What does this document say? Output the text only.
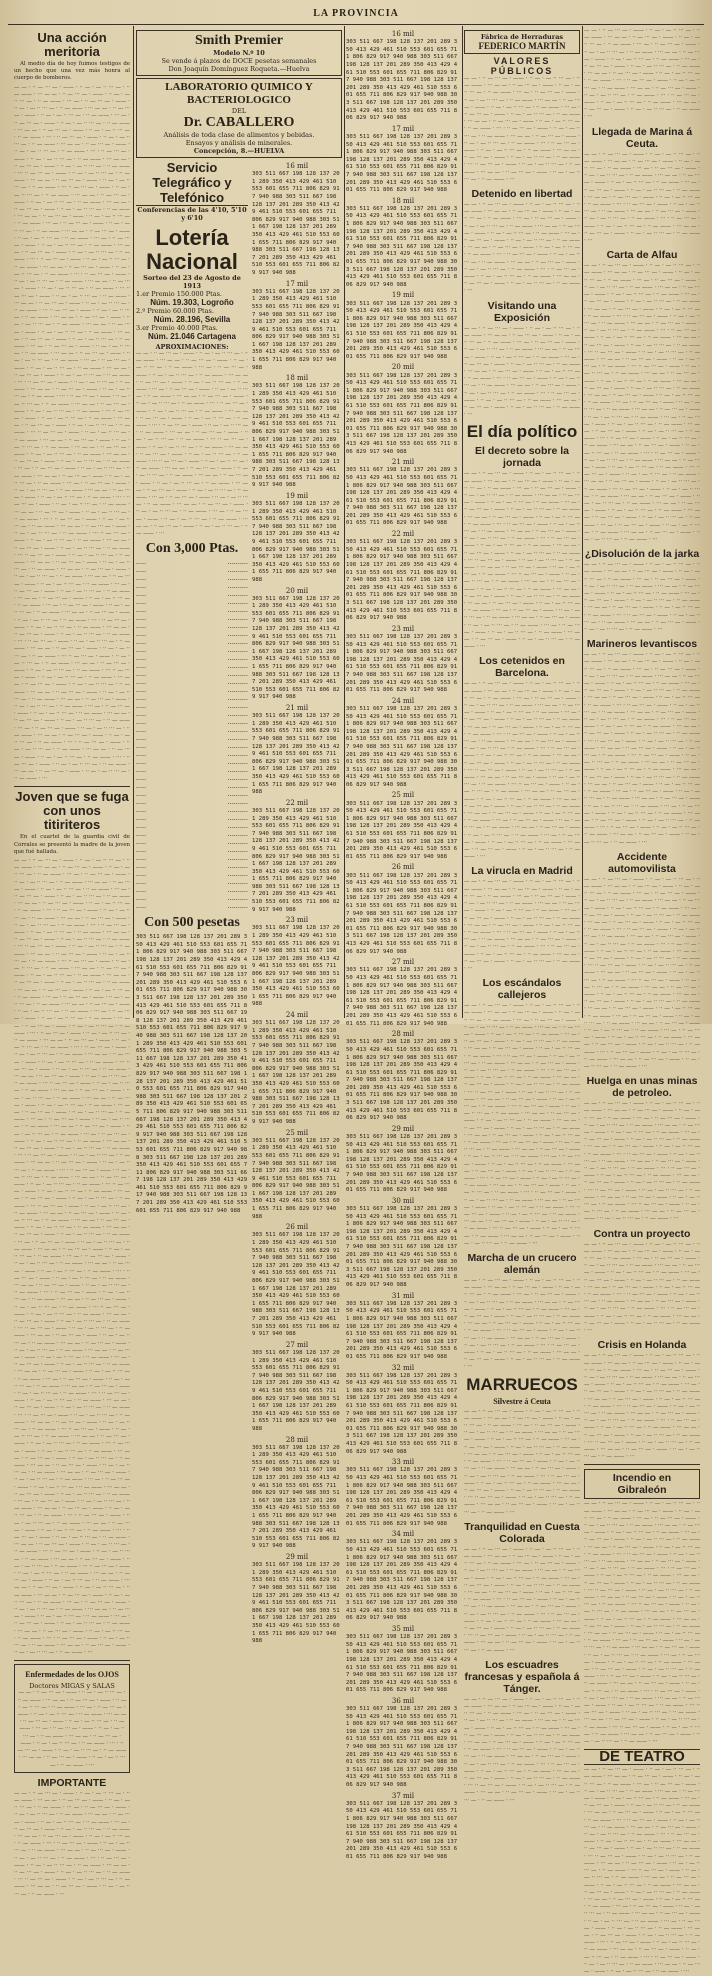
LA PROVINCIA
Una acción meritoria

Al medio día de hoy fuimos testigos de un hecho que una vez más honra al cuerpo de bomberos.

— — · ·· — ··· — · —— · ·· — · — ·· ··· — · ·· — —— · ··· — — · ·· — ··· — · —— · ·· — · — ·· ··· — · ·· — —— · ··· — · ·· — ··· — · —— · ·· — · — ·· ··· — · ·· — —— · ··· — — · ·· — ··· — · —— · ·· — · — ·· ··· — · ·· — —— · ··· — · ·· — ··· — · —— · ·· — · — ·· ··· — · ·· — —— · ··· — — · ·· — ··· — · —— · ·· — · — ·· ··· — · ·· — —— · ··· · ·· — ··· — · —— · ·· — · — ·· ··· — · ·· — —— · ··· — — · ·· — ··· — · —— · ·· — · — ·· ··· — · ·· — —— · ··· · ·· — ··· — · —— · ·· — · — ·· ··· — · ·· — —— · ··· — — · ·· — ··· — · —— · ·· — · — ·· ··· — · ·· — —— · ··· ·· — ··· — · —— · ·· — · — ·· ··· — · ·· — —— · ··· — — · ·· — ··· — · —— · ·· — · — ·· ··· — · ·· — —— · ··· ·· — ··· — · —— · ·· — · — ·· ··· — · ·· — —— · ··· — — · ·· — ··· — · —— · ·· — · — ·· ··· — · ·· — —— · ··· — — · ·· — ··· — · —— · ·· — · — ·· ··· — · ·· — —— · ··· — — · ·· — ··· — · —— · ·· — · — ·· ··· — · ·· — —— · ··· — · ·· — ··· — · —— · ·· — · — ·· ··· — · ·· — —— · ··· — — · ·· — ··· — · —— · ·· — · — ·· ··· — · ·· — —— · ··· — · ·· — ··· — · —— · ·· — · — ·· ··· — · ·· — —— · ··· — — · ·· — ··· — · —— · ·· — · — ·· ··· — · ·· — —— · ··· · ·· — ··· — · —— · ·· — · — ·· ··· — · ·· — —— · ··· — — · ·· — ··· — · —— · ·· — · — ·· ··· — · ·· — —— · ··· · ·· — ··· — · —— · ·· — · — ·· ··· — · ·· — —— · ··· — — · ·· — ··· — · —— · ·· — · — ·· ··· — · ·· — —— · ··· ·· — ··· — · —— · ·· — · — ·· ··· — · ·· — —— · ··· — — · ·· — ··· — · —— · ·· — · — ·· ··· — · ·· — —— · ··· ·· — ··· — · —— · ·· — · — ·· ··· — · ·· — —— · ··· — — · ·· — ··· — · —— · ·· — · — ·· ··· — · ·· — —— · ··· — — · ·· — ··· — · —— · ·· — · — ·· ··· — · ·· — —— · ··· — — · ·· — ··· — · —— · ·· — · — ·· ··· — · ·· — —— · ··· — · ·· — ··· — · —— · ·· — · — ·· ··· — · ·· — —— · ··· — — · ·· — ··· — · —— · ·· — · — ·· ··· — · ·· — —— · ··· — · ·· — ··· — · —— · ·· — · — ·· ··· — · ·· — —— · ··· — — · ·· — ··· — · —— · ·· — · — ·· ··· — · ·· — —— · ··· · ·· — ··· — · —— · ·· — · — ·· ··· — · ·· — —— · ··· — — · ·· — ··· — · —— · ·· — · — ·· ··· — · ·· — —— · ··· · ·· — ··· — · —— · ·· — · — ·· ··· — · ·· — —— · ··· — — · ·· — ··· — · —— · ·· — · — ·· ··· — · ·· — —— · ··· ·· — ··· — · —— · ·· — · — ·· ··· — · ·· — —— · ··· — — · ·· — ··· — · —— · ·· — · — ·· ··· — · ·· — —— · ··· ·· — ··· — · —— · ·· — · — ·· ··· — · ·· — —— · ··· — — · ·· — ··· — · —— · ·· — · — ·· ··· — · ·· — —— · ··· — — · ·· — ··· — · —— · ·· — · — ·· ··· — · ·· — —— · ··· — — · ·· — ··· — · —— · ·· — · — ·· ··· — · ·· — —— · ··· — · ·· — ··· — · —— · ·· — · — ·· ··· — · ·· — —— · ··· — — · ·· — ··· — · —— · ·· — · — ·· ··· — · ·· — —— · ··· — · ·· — ··· — · —— · ·· — · — ·· ··· — · ·· — —— · ··· — — · ·· — ··· — · —— · ·· — · — ·· ··· — · ·· — —— · ··· · ·· — ··· — · —— · ·· — · — ·· ··· — · ·· — —— · ··· — — · ·· — ··· — · —— · ·· — · — ·· ··· — · ·· — —— · ··· · ·· — ··· — · —— · ·· — · — ·· ··· — · ·· — —— · ··· — — · ·· — ··· — · —— · ·· — · — ·· ··· — · ·· — —— · ··· ·· — ··· — · —— · ·· — · — ·· ··· — · ·· — —— · ··· — — · ·· — ··· — · —— · ·· — · — ·· ··· — · ·· — —— · ··· ·· — ··· — · —— · ·· — · — ·· ··· — · ·· — —— · ··· — — · ·· — ··· — · —— · ·· — · — ·· ··· — · ·· — —— · ··· — — · ·· — ··· — · —— · ·· — · — ·· ··· — · ·· — —— · ··· — — · ·· — ··· — · —— · ·· — · — ·· ··· — · ·· — —— · ··· — · ·· — ··· — · —— · ·· — · — ·· ··· — · ·· — —— · ··· — — · ·· — ··· — · —— · ·· — · — ·· ··· — · ·· — —— · ··· — · ·· — ··· — · —— · ·· — · — ·· ··· — · ·· — —— · ··· — — · ·· — ··· — · —— · ·· — · — ·· ··· — · ·· — —— · ··· · ·· — ··· — · —— · ·· — · — ·· ··· — · ·· — —— · ··· — — · ·· — ··· — · —— · ·· — · — ·· ··· — · ·· — —— · ··· · ·· — ··· — · —— · ·· — · — ·· ··· — · ·· — —— · ··· — — · ·· — ··· — · —— · ·· — · — ·· ··· — · ·· — —— · ··· ·· — ··· — · —— · ·· — · — ·· ··· — · ·· — —— · ··· — — · ·· — ··· — · —— · ·· — · — ·· ··· — · ·· — —— · ··· ·· — ··· — · —— · ·· — · — ·· ··· — · ·· — —— · ··· — — · ·· — ··· — · —— · ·· — · — ·· ··· — · ·· — —— · ··· — — · ·· — ··· — · —— · ·· — · — ·· ··· — · ·· — —— · ··· — — · ·· — ··· — · —— · ·· — · — ·· ··· — · ·· — —— · ··· — · ·· — ··· — · —— · ·· — · — ·· ··· — · ·· — —— · ··· — — · ·· — ··· — · —— · ·· — · — ·· ··· — · ·· — —— · ··· — · ·· — ··· — · —— · ·· — · — ·· ··· — · ·· — —— · ··· — — · ·· — ··· — · —— · ·· — · — ·· ··· — · ·· — —— · ··· · ·· — ··· — · —— · ·· — · — ·· ··· — · ·· — —— · ··· — — · ·· — ··· — · —— · ·· — · — ·· ··· — · ·· — —— · ··· · ·· — ··· — · —— · ·· — · — ·· ··· — · ·· — —— · ··· — — · ·· — ··· — · —— · ·· — · — ·· ··· — · ·· — —— · ···
Joven que se fuga con unos titiriteros

En el cuartel de la guardia civil de Corrales se presentó la madre de la joven que fué hallada.

— — · ·· — ··· — · —— · ·· — · — ·· ··· — · ·· — —— · ··· — — · ·· — ··· — · —— · ·· — · — ·· ··· — · ·· — —— · ··· — · ·· — ··· — · —— · ·· — · — ·· ··· — · ·· — —— · ··· — — · ·· — ··· — · —— · ·· — · — ·· ··· — · ·· — —— · ··· — · ·· — ··· — · —— · ·· — · — ·· ··· — · ·· — —— · ··· — — · ·· — ··· — · —— · ·· — · — ·· ··· — · ·· — —— · ··· · ·· — ··· — · —— · ·· — · — ·· ··· — · ·· — —— · ··· — — · ·· — ··· — · —— · ·· — · — ·· ··· — · ·· — —— · ··· · ·· — ··· — · —— · ·· — · — ·· ··· — · ·· — —— · ··· — — · ·· — ··· — · —— · ·· — · — ·· ··· — · ·· — —— · ··· ·· — ··· — · —— · ·· — · — ·· ··· — · ·· — —— · ··· — — · ·· — ··· — · —— · ·· — · — ·· ··· — · ·· — —— · ··· ·· — ··· — · —— · ·· — · — ·· ··· — · ·· — —— · ··· — — · ·· — ··· — · —— · ·· — · — ·· ··· — · ·· — —— · ··· — — · ·· — ··· — · —— · ·· — · — ·· ··· — · ·· — —— · ··· — — · ·· — ··· — · —— · ·· — · — ·· ··· — · ·· — —— · ··· — · ·· — ··· — · —— · ·· — · — ·· ··· — · ·· — —— · ··· — — · ·· — ··· — · —— · ·· — · — ·· ··· — · ·· — —— · ··· — · ·· — ··· — · —— · ·· — · — ·· ··· — · ·· — —— · ··· — — · ·· — ··· — · —— · ·· — · — ·· ··· — · ·· — —— · ··· · ·· — ··· — · —— · ·· — · — ·· ··· — · ·· — —— · ··· — — · ·· — ··· — · —— · ·· — · — ·· ··· — · ·· — —— · ··· · ·· — ··· — · —— · ·· — · — ·· ··· — · ·· — —— · ··· — — · ·· — ··· — · —— · ·· — · — ·· ··· — · ·· — —— · ··· ·· — ··· — · —— · ·· — · — ·· ··· — · ·· — —— · ··· — — · ·· — ··· — · —— · ·· — · — ·· ··· — · ·· — —— · ··· ·· — ··· — · —— · ·· — · — ·· ··· — · ·· — —— · ··· — — · ·· — ··· — · —— · ·· — · — ·· ··· — · ·· — —— · ··· — — · ·· — ··· — · —— · ·· — · — ·· ··· — · ·· — —— · ··· — — · ·· — ··· — · —— · ·· — · — ·· ··· — · ·· — —— · ··· — · ·· — ··· — · —— · ·· — · — ·· ··· — · ·· — —— · ··· — — · ·· — ··· — · —— · ·· — · — ·· ··· — · ·· — —— · ··· — · ·· — ··· — · —— · ·· — · — ·· ··· — · ·· — —— · ··· — — · ·· — ··· — · —— · ·· — · — ·· ··· — · ·· — —— · ··· · ·· — ··· — · —— · ·· — · — ·· ··· — · ·· — —— · ··· — — · ·· — ··· — · —— · ·· — · — ·· ··· — · ·· — —— · ··· · ·· — ··· — · —— · ·· — · — ·· ··· — · ·· — —— · ··· — — · ·· — ··· — · —— · ·· — · — ·· ··· — · ·· — —— · ··· ·· — ··· — · —— · ·· — · — ·· ··· — · ·· — —— · ··· — — · ·· — ··· — · —— · ·· — · — ·· ··· — · ·· — —— · ··· ·· — ··· — · —— · ·· — · — ·· ··· — · ·· — —— · ··· — — · ·· — ··· — · —— · ·· — · — ·· ··· — · ·· — —— · ··· — — · ·· — ··· — · —— · ·· — · — ·· ··· — · ·· — —— · ··· — — · ·· — ··· — · —— · ·· — · — ·· ··· — · ·· — —— · ··· — · ·· — ··· — · —— · ·· — · — ·· ··· — · ·· — —— · ··· — — · ·· — ··· — · —— · ·· — · — ·· ··· — · ·· — —— · ··· — · ·· — ··· — · —— · ·· — · — ·· ··· — · ·· — —— · ··· — — · ·· — ··· — · —— · ·· — · — ·· ··· — · ·· — —— · ··· · ·· — ··· — · —— · ·· — · — ·· ··· — · ·· — —— · ··· — — · ·· — ··· — · —— · ·· — · — ·· ··· — · ·· — —— · ··· · ·· — ··· — · —— · ·· — · — ·· ··· — · ·· — —— · ··· — — · ·· — ··· — · —— · ·· — · — ·· ··· — · ·· — —— · ··· ·· — ··· — · —— · ·· — · — ·· ··· — · ·· — —— · ··· — — · ·· — ··· — · —— · ·· — · — ·· ··· — · ·· — —— · ··· ·· — ··· — · —— · ·· — · — ·· ··· — · ·· — —— · ··· — — · ·· — ··· — · —— · ·· — · — ·· ··· — · ·· — —— · ··· — — · ·· — ··· — · —— · ·· — · — ·· ··· — · ·· — —— · ··· — — · ·· — ··· — · —— · ·· — · — ·· ··· — · ·· — —— · ··· — · ·· — ··· — · —— · ·· — · — ·· ··· — · ·· — —— · ··· — — · ·· — ··· — · —— · ·· — · — ·· ··· — · ·· — —— · ··· — · ·· — ··· — · —— · ·· — · — ·· ··· — · ·· — —— · ··· — — · ·· — ··· — · —— · ·· — · — ·· ··· — · ·· — —— · ··· · ·· — ··· — · —— · ·· — · — ·· ··· — · ·· — —— · ··· — — · ·· — ··· — · —— · ·· — · — ·· ··· — · ·· — —— · ··· · ·· — ··· — · —— · ·· — · — ·· ··· — · ·· — —— · ··· — — · ·· — ··· — · —— · ·· — · — ·· ··· — · ·· — —— · ··· ·· — ··· — · —— · ·· — · — ·· ··· — · ·· — —— · ··· — — · ·· — ··· — · —— · ·· — · — ·· ··· — · ·· — —— · ··· ·· — ··· — · —— · ·· — · — ·· ··· — · ·· — —— · ··· — — · ·· — ··· — · —— · ·· — · — ·· ··· — · ·· — —— · ··· — — · ·· — ··· — · —— · ·· — · — ·· ··· — · ·· — —— · ··· — — · ·· — ··· — · —— · ·· — · — ·· ··· — · ·· — —— · ··· — · ·· — ··· — · —— · ·· — · — ·· ··· — · ·· — —— · ··· — — · ·· — ··· — · —— · ·· — · — ·· ··· — · ·· — —— · ··· — · ·· — ··· — · —— · ·· — · — ·· ··· — · ·· — —— · ··· — — · ·· — ··· — · —— · ·· — · — ·· ··· — · ·· — —— · ··· · ·· — ··· — · —— · ·· — · — ·· ··· — · ·· — —— · ··· — — · ·· — ··· — · —— · ·· — · — ·· ··· — · ·· — —— · ··· · ·· — ··· — · —— · ·· — · — ·· ··· — · ·· — —— · ··· — — · ·· — ··· — · —— · ·· — · — ·· ··· — · ·· — —— · ··· ·· — ··· — · —— · ·· — · — ·· ··· — · ·· — —— · ··· — — · ·· — ··· — · —— · ·· — · — ·· ··· — · ·· — —— · ··· ·· — ··· — · —— · ·· — · — ·· ··· — · ·· — —— · ··· — — · ·· — ··· — · —— · ·· — · — ·· ··· — · ·· — —— · ··· — — · ·· — ··· — · —— · ·· — · — ·· ··· — · ·· — —— · ··· — — · ·· — ··· — · —— · ·· — · — ·· ··· — · ·· — —— · ··· — · ·· — ··· — · —— · ·· — · — ·· ··· — · ·· — —— · ··· — — · ·· — ··· — · —— · ·· — · — ·· ··· — · ·· — —— · ··· — · ·· — ··· — · —— · ·· — · — ·· ··· — · ·· — —— · ··· — — · ·· — ··· — · —— · ·· — · — ·· ··· — · ·· — —— · ··· · ·· — ··· — · —— · ·· — · — ·· ··· — · ·· — —— · ··· — — · ·· — ··· — · —— · ·· — · — ·· ··· — · ·· — —— · ···
Enfermedades de los OJOS
Doctores MIGAS y SALAS
— — · ·· — ··· — · —— · ·· — · — ·· ··· — · ·· — —— · ··· — — · ·· — ··· — · —— · ·· — · — ·· ··· — · ·· — —— · ··· — · ·· — ··· — · —— · ·· — · — ·· ··· — · ·· — —— · ··· — — · ·· — ··· — · —— · ·· — · — ·· ··· — · ·· — —— · ··· — · ·· — ··· — · —— · ·· — · — ·· ··· — · ·· — —— · ··· — — · ·· — ··· — · —— · ·· — · — ·· ··· — · ·· — —— · ··· · ·· — ··· — · —— · ·· — · — ·· ··· — · ·· — —— · ··· — — · ·· — ··· — · —— · ·· — · — ·· ··· — · ·· — —— · ···
IMPORTANTE
— — · ·· — ··· — · —— · ·· — · — ·· ··· — · ·· — —— · ··· — — · ·· — ··· — · —— · ·· — · — ·· ··· — · ·· — —— · ··· — · ·· — ··· — · —— · ·· — · — ·· ··· — · ·· — —— · ··· — — · ·· — ··· — · —— · ·· — · — ·· ··· — · ·· — —— · ··· — · ·· — ··· — · —— · ·· — · — ·· ··· — · ·· — —— · ··· — — · ·· — ··· — · —— · ·· — · — ·· ··· — · ·· — —— · ··· · ·· — ··· — · —— · ·· — · — ·· ··· — · ·· — —— · ··· — — · ·· — ··· — · —— · ·· — · — ·· ··· — · ·· — —— · ··· · ·· — ··· — · —— · ·· — · — ·· ··· — · ·· — —— · ··· — — · ·· — ··· — · —— · ·· — · — ·· ··· — · ·· — —— · ··· ·· — ··· — · —— · ·· — · — ·· ··· — · ·· — —— · ··· — — · ·· — ··· — · —— · ·· — · — ·· ··· — · ·· — —— · ···
Smith Premier
Modelo N.º 10
Se vende á plazos de DOCE pesetas semanales
Don Joaquín Domínguez Roqueta.—Huelva
LABORATORIO QUIMICO Y BACTERIOLOGICO
DEL
Dr. CABALLERO
Análisis de toda clase de alimentos y bebidas.
Ensayos y análisis de minerales.
Concepción, 8.—HUELVA
Servicio Telegráfico y Telefónico
Conferencias de las 4'10, 5'10 y 6'10
Lotería Nacional
Sorteo del 23 de Agosto de 1913
1.er Premio 150.000 Ptas.
Núm. 19.303, Logroño
2.º Premio 60.000 Ptas.
Núm. 28.196, Sevilla
3.er Premio 40.000 Ptas.
Núm. 21.046 Cartagena
APROXIMACIONES:
— — · ·· — ··· — · —— · ·· — · — ·· ··· — · ·· — —— · ··· — — · ·· — ··· — · —— · ·· — · — ·· ··· — · ·· — —— · ··· — · ·· — ··· — · —— · ·· — · — ·· ··· — · ·· — —— · ··· — — · ·· — ··· — · —— · ·· — · — ·· ··· — · ·· — —— · ··· — · ·· — ··· — · —— · ·· — · — ·· ··· — · ·· — —— · ··· — — · ·· — ··· — · —— · ·· — · — ·· ··· — · ·· — —— · ··· · ·· — ··· — · —— · ·· — · — ·· ··· — · ·· — —— · ··· — — · ·· — ··· — · —— · ·· — · — ·· ··· — · ·· — —— · ··· · ·· — ··· — · —— · ·· — · — ·· ··· — · ·· — —— · ··· — — · ·· — ··· — · —— · ·· — · — ·· ··· — · ·· — —— · ··· ·· — ··· — · —— · ·· — · — ·· ··· — · ·· — —— · ··· — — · ·· — ··· — · —— · ·· — · — ·· ··· — · ·· — —— · ··· ·· — ··· — · —— · ·· — · — ·· ··· — · ·· — —— · ··· — — · ·· — ··· — · —— · ·· — · — ·· ··· — · ·· — —— · ··· — — · ·· — ··· — · —— · ·· — · — ·· ··· — · ·· — —— · ··· — — · ·· — ··· — · —— · ·· — · — ·· ··· — · ·· — —— · ··· — · ·· — ··· — · —— · ·· — · — ·· ··· — · ·· — —— · ··· — — · ·· — ··· — · —— · ·· — · — ·· ··· — · ·· — —— · ··· — · ·· — ··· — · —— · ·· — · — ·· ··· — · ·· — —— · ··· — — · ·· — ··· — · —— · ·· — · — ·· ··· — · ·· — —— · ···
Con 3,000 Ptas.
·····	··········
·····	··········
·····	··········
·····	··········
·····	··········
·····	··········
·····	··········
·····	··········
·····	··········
·····	··········
·····	··········
·····	··········
·····	··········
·····	··········
·····	··········
·····	··········
·····	··········
·····	··········
·····	··········
·····	··········
·····	··········
·····	··········
·····	··········
·····	··········
·····	··········
·····	··········
·····	··········
·····	··········
·····	··········
·····	··········
·····	··········
·····	··········
·····	··········
·····	··········
·····	··········
·····	··········
·····	··········
·····	··········
·····	··········
·····	··········
·····	··········
·····	··········
·····	··········
·····	··········
Con 500 pesetas
303 511 667 198 128 137 201 289 350 413 429 461 510 553 601 655 711 806 829 917 940 988 303 511 667 198 128 137 201 289 350 413 429 461 510 553 601 655 711 806 829 917 940 988 303 511 667 198 128 137 201 289 350 413 429 461 510 553 601 655 711 806 829 917 940 988 303 511 667 198 128 137 201 289 350 413 429 461 510 553 601 655 711 806 829 917 940 988 303 511 667 198 128 137 201 289 350 413 429 461 510 553 601 655 711 806 829 917 940 988 303 511 667 198 128 137 201 289 350 413 429 461 510 553 601 655 711 806 829 917 940 988 303 511 667 198 128 137 201 289 350 413 429 461 510 553 601 655 711 806 829 917 940 988 303 511 667 198 128 137 201 289 350 413 429 461 510 553 601 655 711 806 829 917 940 988 303 511 667 198 128 137 201 289 350 413 429 461 510 553 601 655 711 806 829 917 940 988 303 511 667 198 128 137 201 289 350 413 429 461 510 553 601 655 711 806 829 917 940 988 303 511 667 198 128 137 201 289 350 413 429 461 510 553 601 655 711 806 829 917 940 988 303 511 667 198 128 137 201 289 350 413 429 461 510 553 601 655 711 806 829 917 940 988 303 511 667 198 128 137 201 289 350 413 429 461 510 553 601 655 711 806 829 917 940 988 303 511 667 198 128 137 201 289 350 413 429 461 510 553 601 655 711 806 829 917 940 988
16 mil
303 511 667 198 128 137 201 289 350 413 429 461 510 553 601 655 711 806 829 917 940 988 303 511 667 198 128 137 201 289 350 413 429 461 510 553 601 655 711 806 829 917 940 988 303 511 667 198 128 137 201 289 350 413 429 461 510 553 601 655 711 806 829 917 940 988 303 511 667 198 128 137 201 289 350 413 429 461 510 553 601 655 711 806 829 917 940 988
17 mil
303 511 667 198 128 137 201 289 350 413 429 461 510 553 601 655 711 806 829 917 940 988 303 511 667 198 128 137 201 289 350 413 429 461 510 553 601 655 711 806 829 917 940 988 303 511 667 198 128 137 201 289 350 413 429 461 510 553 601 655 711 806 829 917 940 988
18 mil
303 511 667 198 128 137 201 289 350 413 429 461 510 553 601 655 711 806 829 917 940 988 303 511 667 198 128 137 201 289 350 413 429 461 510 553 601 655 711 806 829 917 940 988 303 511 667 198 128 137 201 289 350 413 429 461 510 553 601 655 711 806 829 917 940 988 303 511 667 198 128 137 201 289 350 413 429 461 510 553 601 655 711 806 829 917 940 988
19 mil
303 511 667 198 128 137 201 289 350 413 429 461 510 553 601 655 711 806 829 917 940 988 303 511 667 198 128 137 201 289 350 413 429 461 510 553 601 655 711 806 829 917 940 988 303 511 667 198 128 137 201 289 350 413 429 461 510 553 601 655 711 806 829 917 940 988
20 mil
303 511 667 198 128 137 201 289 350 413 429 461 510 553 601 655 711 806 829 917 940 988 303 511 667 198 128 137 201 289 350 413 429 461 510 553 601 655 711 806 829 917 940 988 303 511 667 198 128 137 201 289 350 413 429 461 510 553 601 655 711 806 829 917 940 988 303 511 667 198 128 137 201 289 350 413 429 461 510 553 601 655 711 806 829 917 940 988
21 mil
303 511 667 198 128 137 201 289 350 413 429 461 510 553 601 655 711 806 829 917 940 988 303 511 667 198 128 137 201 289 350 413 429 461 510 553 601 655 711 806 829 917 940 988 303 511 667 198 128 137 201 289 350 413 429 461 510 553 601 655 711 806 829 917 940 988
22 mil
303 511 667 198 128 137 201 289 350 413 429 461 510 553 601 655 711 806 829 917 940 988 303 511 667 198 128 137 201 289 350 413 429 461 510 553 601 655 711 806 829 917 940 988 303 511 667 198 128 137 201 289 350 413 429 461 510 553 601 655 711 806 829 917 940 988 303 511 667 198 128 137 201 289 350 413 429 461 510 553 601 655 711 806 829 917 940 988
23 mil
303 511 667 198 128 137 201 289 350 413 429 461 510 553 601 655 711 806 829 917 940 988 303 511 667 198 128 137 201 289 350 413 429 461 510 553 601 655 711 806 829 917 940 988 303 511 667 198 128 137 201 289 350 413 429 461 510 553 601 655 711 806 829 917 940 988
24 mil
303 511 667 198 128 137 201 289 350 413 429 461 510 553 601 655 711 806 829 917 940 988 303 511 667 198 128 137 201 289 350 413 429 461 510 553 601 655 711 806 829 917 940 988 303 511 667 198 128 137 201 289 350 413 429 461 510 553 601 655 711 806 829 917 940 988 303 511 667 198 128 137 201 289 350 413 429 461 510 553 601 655 711 806 829 917 940 988
25 mil
303 511 667 198 128 137 201 289 350 413 429 461 510 553 601 655 711 806 829 917 940 988 303 511 667 198 128 137 201 289 350 413 429 461 510 553 601 655 711 806 829 917 940 988 303 511 667 198 128 137 201 289 350 413 429 461 510 553 601 655 711 806 829 917 940 988
26 mil
303 511 667 198 128 137 201 289 350 413 429 461 510 553 601 655 711 806 829 917 940 988 303 511 667 198 128 137 201 289 350 413 429 461 510 553 601 655 711 806 829 917 940 988 303 511 667 198 128 137 201 289 350 413 429 461 510 553 601 655 711 806 829 917 940 988 303 511 667 198 128 137 201 289 350 413 429 461 510 553 601 655 711 806 829 917 940 988
27 mil
303 511 667 198 128 137 201 289 350 413 429 461 510 553 601 655 711 806 829 917 940 988 303 511 667 198 128 137 201 289 350 413 429 461 510 553 601 655 711 806 829 917 940 988 303 511 667 198 128 137 201 289 350 413 429 461 510 553 601 655 711 806 829 917 940 988
28 mil
303 511 667 198 128 137 201 289 350 413 429 461 510 553 601 655 711 806 829 917 940 988 303 511 667 198 128 137 201 289 350 413 429 461 510 553 601 655 711 806 829 917 940 988 303 511 667 198 128 137 201 289 350 413 429 461 510 553 601 655 711 806 829 917 940 988 303 511 667 198 128 137 201 289 350 413 429 461 510 553 601 655 711 806 829 917 940 988
29 mil
303 511 667 198 128 137 201 289 350 413 429 461 510 553 601 655 711 806 829 917 940 988 303 511 667 198 128 137 201 289 350 413 429 461 510 553 601 655 711 806 829 917 940 988 303 511 667 198 128 137 201 289 350 413 429 461 510 553 601 655 711 806 829 917 940 988
16 mil
303 511 667 198 128 137 201 289 350 413 429 461 510 553 601 655 711 806 829 917 940 988 303 511 667 198 128 137 201 289 350 413 429 461 510 553 601 655 711 806 829 917 940 988 303 511 667 198 128 137 201 289 350 413 429 461 510 553 601 655 711 806 829 917 940 988 303 511 667 198 128 137 201 289 350 413 429 461 510 553 601 655 711 806 829 917 940 988
17 mil
303 511 667 198 128 137 201 289 350 413 429 461 510 553 601 655 711 806 829 917 940 988 303 511 667 198 128 137 201 289 350 413 429 461 510 553 601 655 711 806 829 917 940 988 303 511 667 198 128 137 201 289 350 413 429 461 510 553 601 655 711 806 829 917 940 988
18 mil
303 511 667 198 128 137 201 289 350 413 429 461 510 553 601 655 711 806 829 917 940 988 303 511 667 198 128 137 201 289 350 413 429 461 510 553 601 655 711 806 829 917 940 988 303 511 667 198 128 137 201 289 350 413 429 461 510 553 601 655 711 806 829 917 940 988 303 511 667 198 128 137 201 289 350 413 429 461 510 553 601 655 711 806 829 917 940 988
19 mil
303 511 667 198 128 137 201 289 350 413 429 461 510 553 601 655 711 806 829 917 940 988 303 511 667 198 128 137 201 289 350 413 429 461 510 553 601 655 711 806 829 917 940 988 303 511 667 198 128 137 201 289 350 413 429 461 510 553 601 655 711 806 829 917 940 988
20 mil
303 511 667 198 128 137 201 289 350 413 429 461 510 553 601 655 711 806 829 917 940 988 303 511 667 198 128 137 201 289 350 413 429 461 510 553 601 655 711 806 829 917 940 988 303 511 667 198 128 137 201 289 350 413 429 461 510 553 601 655 711 806 829 917 940 988 303 511 667 198 128 137 201 289 350 413 429 461 510 553 601 655 711 806 829 917 940 988
21 mil
303 511 667 198 128 137 201 289 350 413 429 461 510 553 601 655 711 806 829 917 940 988 303 511 667 198 128 137 201 289 350 413 429 461 510 553 601 655 711 806 829 917 940 988 303 511 667 198 128 137 201 289 350 413 429 461 510 553 601 655 711 806 829 917 940 988
22 mil
303 511 667 198 128 137 201 289 350 413 429 461 510 553 601 655 711 806 829 917 940 988 303 511 667 198 128 137 201 289 350 413 429 461 510 553 601 655 711 806 829 917 940 988 303 511 667 198 128 137 201 289 350 413 429 461 510 553 601 655 711 806 829 917 940 988 303 511 667 198 128 137 201 289 350 413 429 461 510 553 601 655 711 806 829 917 940 988
23 mil
303 511 667 198 128 137 201 289 350 413 429 461 510 553 601 655 711 806 829 917 940 988 303 511 667 198 128 137 201 289 350 413 429 461 510 553 601 655 711 806 829 917 940 988 303 511 667 198 128 137 201 289 350 413 429 461 510 553 601 655 711 806 829 917 940 988
24 mil
303 511 667 198 128 137 201 289 350 413 429 461 510 553 601 655 711 806 829 917 940 988 303 511 667 198 128 137 201 289 350 413 429 461 510 553 601 655 711 806 829 917 940 988 303 511 667 198 128 137 201 289 350 413 429 461 510 553 601 655 711 806 829 917 940 988 303 511 667 198 128 137 201 289 350 413 429 461 510 553 601 655 711 806 829 917 940 988
25 mil
303 511 667 198 128 137 201 289 350 413 429 461 510 553 601 655 711 806 829 917 940 988 303 511 667 198 128 137 201 289 350 413 429 461 510 553 601 655 711 806 829 917 940 988 303 511 667 198 128 137 201 289 350 413 429 461 510 553 601 655 711 806 829 917 940 988
26 mil
303 511 667 198 128 137 201 289 350 413 429 461 510 553 601 655 711 806 829 917 940 988 303 511 667 198 128 137 201 289 350 413 429 461 510 553 601 655 711 806 829 917 940 988 303 511 667 198 128 137 201 289 350 413 429 461 510 553 601 655 711 806 829 917 940 988 303 511 667 198 128 137 201 289 350 413 429 461 510 553 601 655 711 806 829 917 940 988
27 mil
303 511 667 198 128 137 201 289 350 413 429 461 510 553 601 655 711 806 829 917 940 988 303 511 667 198 128 137 201 289 350 413 429 461 510 553 601 655 711 806 829 917 940 988 303 511 667 198 128 137 201 289 350 413 429 461 510 553 601 655 711 806 829 917 940 988
28 mil
303 511 667 198 128 137 201 289 350 413 429 461 510 553 601 655 711 806 829 917 940 988 303 511 667 198 128 137 201 289 350 413 429 461 510 553 601 655 711 806 829 917 940 988 303 511 667 198 128 137 201 289 350 413 429 461 510 553 601 655 711 806 829 917 940 988 303 511 667 198 128 137 201 289 350 413 429 461 510 553 601 655 711 806 829 917 940 988
29 mil
303 511 667 198 128 137 201 289 350 413 429 461 510 553 601 655 711 806 829 917 940 988 303 511 667 198 128 137 201 289 350 413 429 461 510 553 601 655 711 806 829 917 940 988 303 511 667 198 128 137 201 289 350 413 429 461 510 553 601 655 711 806 829 917 940 988
30 mil
303 511 667 198 128 137 201 289 350 413 429 461 510 553 601 655 711 806 829 917 940 988 303 511 667 198 128 137 201 289 350 413 429 461 510 553 601 655 711 806 829 917 940 988 303 511 667 198 128 137 201 289 350 413 429 461 510 553 601 655 711 806 829 917 940 988 303 511 667 198 128 137 201 289 350 413 429 461 510 553 601 655 711 806 829 917 940 988
31 mil
303 511 667 198 128 137 201 289 350 413 429 461 510 553 601 655 711 806 829 917 940 988 303 511 667 198 128 137 201 289 350 413 429 461 510 553 601 655 711 806 829 917 940 988 303 511 667 198 128 137 201 289 350 413 429 461 510 553 601 655 711 806 829 917 940 988
32 mil
303 511 667 198 128 137 201 289 350 413 429 461 510 553 601 655 711 806 829 917 940 988 303 511 667 198 128 137 201 289 350 413 429 461 510 553 601 655 711 806 829 917 940 988 303 511 667 198 128 137 201 289 350 413 429 461 510 553 601 655 711 806 829 917 940 988 303 511 667 198 128 137 201 289 350 413 429 461 510 553 601 655 711 806 829 917 940 988
33 mil
303 511 667 198 128 137 201 289 350 413 429 461 510 553 601 655 711 806 829 917 940 988 303 511 667 198 128 137 201 289 350 413 429 461 510 553 601 655 711 806 829 917 940 988 303 511 667 198 128 137 201 289 350 413 429 461 510 553 601 655 711 806 829 917 940 988
34 mil
303 511 667 198 128 137 201 289 350 413 429 461 510 553 601 655 711 806 829 917 940 988 303 511 667 198 128 137 201 289 350 413 429 461 510 553 601 655 711 806 829 917 940 988 303 511 667 198 128 137 201 289 350 413 429 461 510 553 601 655 711 806 829 917 940 988 303 511 667 198 128 137 201 289 350 413 429 461 510 553 601 655 711 806 829 917 940 988
35 mil
303 511 667 198 128 137 201 289 350 413 429 461 510 553 601 655 711 806 829 917 940 988 303 511 667 198 128 137 201 289 350 413 429 461 510 553 601 655 711 806 829 917 940 988 303 511 667 198 128 137 201 289 350 413 429 461 510 553 601 655 711 806 829 917 940 988
36 mil
303 511 667 198 128 137 201 289 350 413 429 461 510 553 601 655 711 806 829 917 940 988 303 511 667 198 128 137 201 289 350 413 429 461 510 553 601 655 711 806 829 917 940 988 303 511 667 198 128 137 201 289 350 413 429 461 510 553 601 655 711 806 829 917 940 988 303 511 667 198 128 137 201 289 350 413 429 461 510 553 601 655 711 806 829 917 940 988
37 mil
303 511 667 198 128 137 201 289 350 413 429 461 510 553 601 655 711 806 829 917 940 988 303 511 667 198 128 137 201 289 350 413 429 461 510 553 601 655 711 806 829 917 940 988 303 511 667 198 128 137 201 289 350 413 429 461 510 553 601 655 711 806 829 917 940 988
Fábrica de Herraduras
FEDERICO MARTÍN
VALORES PÚBLICOS
— — · ·· — ··· — · —— · ·· — · — ·· ··· — · ·· — —— · ··· — — · ·· — ··· — · —— · ·· — · — ·· ··· — · ·· — —— · ··· — · ·· — ··· — · —— · ·· — · — ·· ··· — · ·· — —— · ··· — — · ·· — ··· — · —— · ·· — · — ·· ··· — · ·· — —— · ··· — · ·· — ··· — · —— · ·· — · — ·· ··· — · ·· — —— · ··· — — · ·· — ··· — · —— · ·· — · — ·· ··· — · ·· — —— · ··· · ·· — ··· — · —— · ·· — · — ·· ··· — · ·· — —— · ··· — — · ·· — ··· — · —— · ·· — · — ·· ··· — · ·· — —— · ··· · ·· — ··· — · —— · ·· — · — ·· ··· — · ·· — —— · ··· — — · ·· — ··· — · —— · ·· — · — ·· ··· — · ·· — —— · ··· ·· — ··· — · —— · ·· — · — ·· ··· — · ·· — —— · ··· — — · ·· — ··· — · —— · ·· — · — ·· ··· — · ·· — —— · ···
Detenido en libertad
— — · ·· — ··· — · —— · ·· — · — ·· ··· — · ·· — —— · ··· — — · ·· — ··· — · —— · ·· — · — ·· ··· — · ·· — —— · ··· — · ·· — ··· — · —— · ·· — · — ·· ··· — · ·· — —— · ··· — — · ·· — ··· — · —— · ·· — · — ·· ··· — · ·· — —— · ··· — · ·· — ··· — · —— · ·· — · — ·· ··· — · ·· — —— · ··· — — · ·· — ··· — · —— · ·· — · — ·· ··· — · ·· — —— · ··· · ·· — ··· — · —— · ·· — · — ·· ··· — · ·· — —— · ··· — — · ·· — ··· — · —— · ·· — · — ·· ··· — · ·· — —— · ··· · ·· — ··· — · —— · ·· — · — ·· ··· — · ·· — —— · ··· — — · ·· — ··· — · —— · ·· — · — ·· ··· — · ·· — —— · ···
Visitando una Exposición
— — · ·· — ··· — · —— · ·· — · — ·· ··· — · ·· — —— · ··· — — · ·· — ··· — · —— · ·· — · — ·· ··· — · ·· — —— · ··· — · ·· — ··· — · —— · ·· — · — ·· ··· — · ·· — —— · ··· — — · ·· — ··· — · —— · ·· — · — ·· ··· — · ·· — —— · ··· — · ·· — ··· — · —— · ·· — · — ·· ··· — · ·· — —— · ··· — — · ·· — ··· — · —— · ·· — · — ·· ··· — · ·· — —— · ··· · ·· — ··· — · —— · ·· — · — ·· ··· — · ·· — —— · ··· — — · ·· — ··· — · —— · ·· — · — ·· ··· — · ·· — —— · ··· · ·· — ··· — · —— · ·· — · — ·· ··· — · ·· — —— · ··· — — · ·· — ··· — · —— · ·· — · — ·· ··· — · ·· — —— · ···
El día político
El decreto sobre la jornada
— — · ·· — ··· — · —— · ·· — · — ·· ··· — · ·· — —— · ··· — — · ·· — ··· — · —— · ·· — · — ·· ··· — · ·· — —— · ··· — · ·· — ··· — · —— · ·· — · — ·· ··· — · ·· — —— · ··· — — · ·· — ··· — · —— · ·· — · — ·· ··· — · ·· — —— · ··· — · ·· — ··· — · —— · ·· — · — ·· ··· — · ·· — —— · ··· — — · ·· — ··· — · —— · ·· — · — ·· ··· — · ·· — —— · ··· · ·· — ··· — · —— · ·· — · — ·· ··· — · ·· — —— · ··· — — · ·· — ··· — · —— · ·· — · — ·· ··· — · ·· — —— · ··· · ·· — ··· — · —— · ·· — · — ·· ··· — · ·· — —— · ··· — — · ·· — ··· — · —— · ·· — · — ·· ··· — · ·· — —— · ··· ·· — ··· — · —— · ·· — · — ·· ··· — · ·· — —— · ··· — — · ·· — ··· — · —— · ·· — · — ·· ··· — · ·· — —— · ··· ·· — ··· — · —— · ·· — · — ·· ··· — · ·· — —— · ··· — — · ·· — ··· — · —— · ·· — · — ·· ··· — · ·· — —— · ··· — — · ·· — ··· — · —— · ·· — · — ·· ··· — · ·· — —— · ··· — — · ·· — ··· — · —— · ·· — · — ·· ··· — · ·· — —— · ··· — · ·· — ··· — · —— · ·· — · — ·· ··· — · ·· — —— · ··· — — · ·· — ··· — · —— · ·· — · — ·· ··· — · ·· — —— · ··· — · ·· — ··· — · —— · ·· — · — ·· ··· — · ·· — —— · ··· — — · ·· — ··· — · —— · ·· — · — ·· ··· — · ·· — —— · ···
Los cetenidos en Barcelona.
— — · ·· — ··· — · —— · ·· — · — ·· ··· — · ·· — —— · ··· — — · ·· — ··· — · —— · ·· — · — ·· ··· — · ·· — —— · ··· — · ·· — ··· — · —— · ·· — · — ·· ··· — · ·· — —— · ··· — — · ·· — ··· — · —— · ·· — · — ·· ··· — · ·· — —— · ··· — · ·· — ··· — · —— · ·· — · — ·· ··· — · ·· — —— · ··· — — · ·· — ··· — · —— · ·· — · — ·· ··· — · ·· — —— · ··· · ·· — ··· — · —— · ·· — · — ·· ··· — · ·· — —— · ··· — — · ·· — ··· — · —— · ·· — · — ·· ··· — · ·· — —— · ··· · ·· — ··· — · —— · ·· — · — ·· ··· — · ·· — —— · ··· — — · ·· — ··· — · —— · ·· — · — ·· ··· — · ·· — —— · ··· ·· — ··· — · —— · ·· — · — ·· ··· — · ·· — —— · ··· — — · ·· — ··· — · —— · ·· — · — ·· ··· — · ·· — —— · ··· ·· — ··· — · —— · ·· — · — ·· ··· — · ·· — —— · ··· — — · ·· — ··· — · —— · ·· — · — ·· ··· — · ·· — —— · ··· — — · ·· — ··· — · —— · ·· — · — ·· ··· — · ·· — —— · ··· — — · ·· — ··· — · —— · ·· — · — ·· ··· — · ·· — —— · ··· — · ·· — ··· — · —— · ·· — · — ·· ··· — · ·· — —— · ··· — — · ·· — ··· — · —— · ·· — · — ·· ··· — · ·· — —— · ··· — · ·· — ··· — · —— · ·· — · — ·· ··· — · ·· — —— · ··· — — · ·· — ··· — · —— · ·· — · — ·· ··· — · ·· — —— · ···
La virucla en Madrid
— — · ·· — ··· — · —— · ·· — · — ·· ··· — · ·· — —— · ··· — — · ·· — ··· — · —— · ·· — · — ·· ··· — · ·· — —— · ··· — · ·· — ··· — · —— · ·· — · — ·· ··· — · ·· — —— · ··· — — · ·· — ··· — · —— · ·· — · — ·· ··· — · ·· — —— · ··· — · ·· — ··· — · —— · ·· — · — ·· ··· — · ·· — —— · ··· — — · ·· — ··· — · —— · ·· — · — ·· ··· — · ·· — —— · ··· · ·· — ··· — · —— · ·· — · — ·· ··· — · ·· — —— · ··· — — · ·· — ··· — · —— · ·· — · — ·· ··· — · ·· — —— · ··· · ·· — ··· — · —— · ·· — · — ·· ··· — · ·· — —— · ··· — — · ·· — ··· — · —— · ·· — · — ·· ··· — · ·· — —— · ···
Los escándalos callejeros
— — · ·· — ··· — · —— · ·· — · — ·· ··· — · ·· — —— · ··· — — · ·· — ··· — · —— · ·· — · — ·· ··· — · ·· — —— · ··· — · ·· — ··· — · —— · ·· — · — ·· ··· — · ·· — —— · ··· — — · ·· — ··· — · —— · ·· — · — ·· ··· — · ·· — —— · ··· — · ·· — ··· — · —— · ·· — · — ·· ··· — · ·· — —— · ··· — — · ·· — ··· — · —— · ·· — · — ·· ··· — · ·· — —— · ··· · ·· — ··· — · —— · ·· — · — ·· ··· — · ·· — —— · ··· — — · ·· — ··· — · —— · ·· — · — ·· ··· — · ·· — —— · ··· · ·· — ··· — · —— · ·· — · — ·· ··· — · ·· — —— · ··· — — · ·· — ··· — · —— · ·· — · — ·· ··· — · ·· — —— · ··· ·· — ··· — · —— · ·· — · — ·· ··· — · ·· — —— · ··· — — · ·· — ··· — · —— · ·· — · — ·· ··· — · ·· — —— · ··· ·· — ··· — · —— · ·· — · — ·· ··· — · ·· — —— · ··· — — · ·· — ··· — · —— · ·· — · — ·· ··· — · ·· — —— · ··· — — · ·· — ··· — · —— · ·· — · — ·· ··· — · ·· — —— · ··· — — · ·· — ··· — · —— · ·· — · — ·· ··· — · ·· — —— · ··· — · ·· — ··· — · —— · ·· — · — ·· ··· — · ·· — —— · ··· — — · ·· — ··· — · —— · ·· — · — ·· ··· — · ·· — —— · ··· — · ·· — ··· — · —— · ·· — · — ·· ··· — · ·· — —— · ··· — — · ·· — ··· — · —— · ·· — · — ·· ··· — · ·· — —— · ··· · ·· — ··· — · —— · ·· — · — ·· ··· — · ·· — —— · ··· — — · ·· — ··· — · —— · ·· — · — ·· ··· — · ·· — —— · ··· · ·· — ··· — · —— · ·· — · — ·· ··· — · ·· — —— · ··· — — · ·· — ··· — · —— · ·· — · — ·· ··· — · ·· — —— · ··· ·· — ··· — · —— · ·· — · — ·· ··· — · ·· — —— · ··· — — · ·· — ··· — · —— · ·· — · — ·· ··· — · ·· — —— · ··· ·· — ··· — · —— · ·· — · — ·· ··· — · ·· — —— · ··· — — · ·· — ··· — · —— · ·· — · — ·· ··· — · ·· — —— · ···
Marcha de un crucero alemán
— — · ·· — ··· — · —— · ·· — · — ·· ··· — · ·· — —— · ··· — — · ·· — ··· — · —— · ·· — · — ·· ··· — · ·· — —— · ··· — · ·· — ··· — · —— · ·· — · — ·· ··· — · ·· — —— · ··· — — · ·· — ··· — · —— · ·· — · — ·· ··· — · ·· — —— · ··· — · ·· — ··· — · —— · ·· — · — ·· ··· — · ·· — —— · ··· — — · ·· — ··· — · —— · ·· — · — ·· ··· — · ·· — —— · ··· · ·· — ··· — · —— · ·· — · — ·· ··· — · ·· — —— · ··· — — · ·· — ··· — · —— · ·· — · — ·· ··· — · ·· — —— · ··· · ·· — ··· — · —— · ·· — · — ·· ··· — · ·· — —— · ··· — — · ·· — ··· — · —— · ·· — · — ·· ··· — · ·· — —— · ···
MARRUECOS
Silvestre á Ceuta
— — · ·· — ··· — · —— · ·· — · — ·· ··· — · ·· — —— · ··· — — · ·· — ··· — · —— · ·· — · — ·· ··· — · ·· — —— · ··· — · ·· — ··· — · —— · ·· — · — ·· ··· — · ·· — —— · ··· — — · ·· — ··· — · —— · ·· — · — ·· ··· — · ·· — —— · ··· — · ·· — ··· — · —— · ·· — · — ·· ··· — · ·· — —— · ··· — — · ·· — ··· — · —— · ·· — · — ·· ··· — · ·· — —— · ··· · ·· — ··· — · —— · ·· — · — ·· ··· — · ·· — —— · ··· — — · ·· — ··· — · —— · ·· — · — ·· ··· — · ·· — —— · ··· · ·· — ··· — · —— · ·· — · — ·· ··· — · ·· — —— · ··· — — · ·· — ··· — · —— · ·· — · — ·· ··· — · ·· — —— · ··· ·· — ··· — · —— · ·· — · — ·· ··· — · ·· — —— · ··· — — · ·· — ··· — · —— · ·· — · — ·· ··· — · ·· — —— · ···
Tranquilidad en Cuesta Colorada
— — · ·· — ··· — · —— · ·· — · — ·· ··· — · ·· — —— · ··· — — · ·· — ··· — · —— · ·· — · — ·· ··· — · ·· — —— · ··· — · ·· — ··· — · —— · ·· — · — ·· ··· — · ·· — —— · ··· — — · ·· — ··· — · —— · ·· — · — ·· ··· — · ·· — —— · ··· — · ·· — ··· — · —— · ·· — · — ·· ··· — · ·· — —— · ··· — — · ·· — ··· — · —— · ·· — · — ·· ··· — · ·· — —— · ··· · ·· — ··· — · —— · ·· — · — ·· ··· — · ·· — —— · ··· — — · ·· — ··· — · —— · ·· — · — ·· ··· — · ·· — —— · ··· · ·· — ··· — · —— · ·· — · — ·· ··· — · ·· — —— · ··· — — · ·· — ··· — · —— · ·· — · — ·· ··· — · ·· — —— · ··· ·· — ··· — · —— · ·· — · — ·· ··· — · ·· — —— · ··· — — · ·· — ··· — · —— · ·· — · — ·· ··· — · ·· — —— · ···
Los escuadres francesas y española á Tánger.
— — · ·· — ··· — · —— · ·· — · — ·· ··· — · ·· — —— · ··· — — · ·· — ··· — · —— · ·· — · — ·· ··· — · ·· — —— · ··· — · ·· — ··· — · —— · ·· — · — ·· ··· — · ·· — —— · ··· — — · ·· — ··· — · —— · ·· — · — ·· ··· — · ·· — —— · ··· — · ·· — ··· — · —— · ·· — · — ·· ··· — · ·· — —— · ··· — — · ·· — ··· — · —— · ·· — · — ·· ··· — · ·· — —— · ··· · ·· — ··· — · —— · ·· — · — ·· ··· — · ·· — —— · ··· — — · ·· — ··· — · —— · ·· — · — ·· ··· — · ·· — —— · ··· · ·· — ··· — · —— · ·· — · — ·· ··· — · ·· — —— · ··· — — · ·· — ··· — · —— · ·· — · — ·· ··· — · ·· — —— · ··· ·· — ··· — · —— · ·· — · — ·· ··· — · ·· — —— · ··· — — · ·· — ··· — · —— · ·· — · — ·· ··· — · ·· — —— · ···
— — · ·· — ··· — · —— · ·· — · — ·· ··· — · ·· — —— · ··· — — · ·· — ··· — · —— · ·· — · — ·· ··· — · ·· — —— · ··· — · ·· — ··· — · —— · ·· — · — ·· ··· — · ·· — —— · ··· — — · ·· — ··· — · —— · ·· — · — ·· ··· — · ·· — —— · ··· — · ·· — ··· — · —— · ·· — · — ·· ··· — · ·· — —— · ··· — — · ·· — ··· — · —— · ·· — · — ·· ··· — · ·· — —— · ··· · ·· — ··· — · —— · ·· — · — ·· ··· — · ·· — —— · ··· — — · ·· — ··· — · —— · ·· — · — ·· ··· — · ·· — —— · ··· · ·· — ··· — · —— · ·· — · — ·· ··· — · ·· — —— · ··· — — · ·· — ··· — · —— · ·· — · — ·· ··· — · ·· — —— · ···
Llegada de Marina á Ceuta.
— — · ·· — ··· — · —— · ·· — · — ·· ··· — · ·· — —— · ··· — — · ·· — ··· — · —— · ·· — · — ·· ··· — · ·· — —— · ··· — · ·· — ··· — · —— · ·· — · — ·· ··· — · ·· — —— · ··· — — · ·· — ··· — · —— · ·· — · — ·· ··· — · ·· — —— · ··· — · ·· — ··· — · —— · ·· — · — ·· ··· — · ·· — —— · ··· — — · ·· — ··· — · —— · ·· — · — ·· ··· — · ·· — —— · ··· · ·· — ··· — · —— · ·· — · — ·· ··· — · ·· — —— · ··· — — · ·· — ··· — · —— · ·· — · — ·· ··· — · ·· — —— · ··· · ·· — ··· — · —— · ·· — · — ·· ··· — · ·· — —— · ··· — — · ·· — ··· — · —— · ·· — · — ·· ··· — · ·· — —— · ···
Carta de Alfau
— — · ·· — ··· — · —— · ·· — · — ·· ··· — · ·· — —— · ··· — — · ·· — ··· — · —— · ·· — · — ·· ··· — · ·· — —— · ··· — · ·· — ··· — · —— · ·· — · — ·· ··· — · ·· — —— · ··· — — · ·· — ··· — · —— · ·· — · — ·· ··· — · ·· — —— · ··· — · ·· — ··· — · —— · ·· — · — ·· ··· — · ·· — —— · ··· — — · ·· — ··· — · —— · ·· — · — ·· ··· — · ·· — —— · ··· · ·· — ··· — · —— · ·· — · — ·· ··· — · ·· — —— · ··· — — · ·· — ··· — · —— · ·· — · — ·· ··· — · ·· — —— · ··· · ·· — ··· — · —— · ·· — · — ·· ··· — · ·· — —— · ··· — — · ·· — ··· — · —— · ·· — · — ·· ··· — · ·· — —— · ··· ·· — ··· — · —— · ·· — · — ·· ··· — · ·· — —— · ··· — — · ·· — ··· — · —— · ·· — · — ·· ··· — · ·· — —— · ··· ·· — ··· — · —— · ·· — · — ·· ··· — · ·· — —— · ··· — — · ·· — ··· — · —— · ·· — · — ·· ··· — · ·· — —— · ··· — — · ·· — ··· — · —— · ·· — · — ·· ··· — · ·· — —— · ··· — — · ·· — ··· — · —— · ·· — · — ·· ··· — · ·· — —— · ··· — · ·· — ··· — · —— · ·· — · — ·· ··· — · ·· — —— · ··· — — · ·· — ··· — · —— · ·· — · — ·· ··· — · ·· — —— · ··· — · ·· — ··· — · —— · ·· — · — ·· ··· — · ·· — —— · ··· — — · ·· — ··· — · —— · ·· — · — ·· ··· — · ·· — —— · ··· · ·· — ··· — · —— · ·· — · — ·· ··· — · ·· — —— · ··· — — · ·· — ··· — · —— · ·· — · — ·· ··· — · ·· — —— · ··· · ·· — ··· — · —— · ·· — · — ·· ··· — · ·· — —— · ··· — — · ·· — ··· — · —— · ·· — · — ·· ··· — · ·· — —— · ··· ·· — ··· — · —— · ·· — · — ·· ··· — · ·· — —— · ··· — — · ·· — ··· — · —— · ·· — · — ·· ··· — · ·· — —— · ··· ·· — ··· — · —— · ·· — · — ·· ··· — · ·· — —— · ··· — — · ·· — ··· — · —— · ·· — · — ·· ··· — · ·· — —— · ··· — — · ·· — ··· — · —— · ·· — · — ·· ··· — · ·· — —— · ··· — — · ·· — ··· — · —— · ·· — · — ·· ··· — · ·· — —— · ··· — · ·· — ··· — · —— · ·· — · — ·· ··· — · ·· — —— · ··· — — · ·· — ··· — · —— · ·· — · — ·· ··· — · ·· — —— · ···
¿Disolución de la jarka
— — · ·· — ··· — · —— · ·· — · — ·· ··· — · ·· — —— · ··· — — · ·· — ··· — · —— · ·· — · — ·· ··· — · ·· — —— · ··· — · ·· — ··· — · —— · ·· — · — ·· ··· — · ·· — —— · ··· — — · ·· — ··· — · —— · ·· — · — ·· ··· — · ·· — —— · ··· — · ·· — ··· — · —— · ·· — · — ·· ··· — · ·· — —— · ··· — — · ·· — ··· — · —— · ·· — · — ·· ··· — · ·· — —— · ··· · ·· — ··· — · —— · ·· — · — ·· ··· — · ·· — —— · ··· — — · ·· — ··· — · —— · ·· — · — ·· ··· — · ·· — —— · ···
Marineros levantiscos
— — · ·· — ··· — · —— · ·· — · — ·· ··· — · ·· — —— · ··· — — · ·· — ··· — · —— · ·· — · — ·· ··· — · ·· — —— · ··· — · ·· — ··· — · —— · ·· — · — ·· ··· — · ·· — —— · ··· — — · ·· — ··· — · —— · ·· — · — ·· ··· — · ·· — —— · ··· — · ·· — ··· — · —— · ·· — · — ·· ··· — · ·· — —— · ··· — — · ·· — ··· — · —— · ·· — · — ·· ··· — · ·· — —— · ··· · ·· — ··· — · —— · ·· — · — ·· ··· — · ·· — —— · ··· — — · ·· — ··· — · —— · ·· — · — ·· ··· — · ·· — —— · ··· · ·· — ··· — · —— · ·· — · — ·· ··· — · ·· — —— · ··· — — · ·· — ··· — · —— · ·· — · — ·· ··· — · ·· — —— · ··· ·· — ··· — · —— · ·· — · — ·· ··· — · ·· — —— · ··· — — · ·· — ··· — · —— · ·· — · — ·· ··· — · ·· — —— · ··· ·· — ··· — · —— · ·· — · — ·· ··· — · ·· — —— · ··· — — · ·· — ··· — · —— · ·· — · — ·· ··· — · ·· — —— · ··· — — · ·· — ··· — · —— · ·· — · — ·· ··· — · ·· — —— · ··· — — · ·· — ··· — · —— · ·· — · — ·· ··· — · ·· — —— · ··· — · ·· — ··· — · —— · ·· — · — ·· ··· — · ·· — —— · ··· — — · ·· — ··· — · —— · ·· — · — ·· ··· — · ·· — —— · ··· — · ·· — ··· — · —— · ·· — · — ·· ··· — · ·· — —— · ··· — — · ·· — ··· — · —— · ·· — · — ·· ··· — · ·· — —— · ··· · ·· — ··· — · —— · ·· — · — ·· ··· — · ·· — —— · ··· — — · ·· — ··· — · —— · ·· — · — ·· ··· — · ·· — —— · ···
Accidente automovilista
— — · ·· — ··· — · —— · ·· — · — ·· ··· — · ·· — —— · ··· — — · ·· — ··· — · —— · ·· — · — ·· ··· — · ·· — —— · ··· — · ·· — ··· — · —— · ·· — · — ·· ··· — · ·· — —— · ··· — — · ·· — ··· — · —— · ·· — · — ·· ··· — · ·· — —— · ··· — · ·· — ··· — · —— · ·· — · — ·· ··· — · ·· — —— · ··· — — · ·· — ··· — · —— · ·· — · — ·· ··· — · ·· — —— · ··· · ·· — ··· — · —— · ·· — · — ·· ··· — · ·· — —— · ··· — — · ·· — ··· — · —— · ·· — · — ·· ··· — · ·· — —— · ··· · ·· — ··· — · —— · ·· — · — ·· ··· — · ·· — —— · ··· — — · ·· — ··· — · —— · ·· — · — ·· ··· — · ·· — —— · ··· ·· — ··· — · —— · ·· — · — ·· ··· — · ·· — —— · ··· — — · ·· — ··· — · —— · ·· — · — ·· ··· — · ·· — —— · ··· ·· — ··· — · —— · ·· — · — ·· ··· — · ·· — —— · ··· — — · ·· — ··· — · —— · ·· — · — ·· ··· — · ·· — —— · ··· — — · ·· — ··· — · —— · ·· — · — ·· ··· — · ·· — —— · ··· — — · ·· — ··· — · —— · ·· — · — ·· ··· — · ·· — —— · ··· — · ·· — ··· — · —— · ·· — · — ·· ··· — · ·· — —— · ··· — — · ·· — ··· — · —— · ·· — · — ·· ··· — · ·· — —— · ··· — · ·· — ··· — · —— · ·· — · — ·· ··· — · ·· — —— · ··· — — · ·· — ··· — · —— · ·· — · — ·· ··· — · ·· — —— · ··· · ·· — ··· — · —— · ·· — · — ·· ··· — · ·· — —— · ··· — — · ·· — ··· — · —— · ·· — · — ·· ··· — · ·· — —— · ···
Huelga en unas minas de petroleo.
— — · ·· — ··· — · —— · ·· — · — ·· ··· — · ·· — —— · ··· — — · ·· — ··· — · —— · ·· — · — ·· ··· — · ·· — —— · ··· — · ·· — ··· — · —— · ·· — · — ·· ··· — · ·· — —— · ··· — — · ·· — ··· — · —— · ·· — · — ·· ··· — · ·· — —— · ··· — · ·· — ··· — · —— · ·· — · — ·· ··· — · ·· — —— · ··· — — · ·· — ··· — · —— · ·· — · — ·· ··· — · ·· — —— · ··· · ·· — ··· — · —— · ·· — · — ·· ··· — · ·· — —— · ··· — — · ·· — ··· — · —— · ·· — · — ·· ··· — · ·· — —— · ··· · ·· — ··· — · —— · ·· — · — ·· ··· — · ·· — —— · ··· — — · ·· — ··· — · —— · ·· — · — ·· ··· — · ·· — —— · ··· ·· — ··· — · —— · ·· — · — ·· ··· — · ·· — —— · ··· — — · ·· — ··· — · —— · ·· — · — ·· ··· — · ·· — —— · ··· ·· — ··· — · —— · ·· — · — ·· ··· — · ·· — —— · ··· — — · ·· — ··· — · —— · ·· — · — ·· ··· — · ·· — —— · ···
Contra un proyecto
— — · ·· — ··· — · —— · ·· — · — ·· ··· — · ·· — —— · ··· — — · ·· — ··· — · —— · ·· — · — ·· ··· — · ·· — —— · ··· — · ·· — ··· — · —— · ·· — · — ·· ··· — · ·· — —— · ··· — — · ·· — ··· — · —— · ·· — · — ·· ··· — · ·· — —— · ··· — · ·· — ··· — · —— · ·· — · — ·· ··· — · ·· — —— · ··· — — · ·· — ··· — · —— · ·· — · — ·· ··· — · ·· — —— · ··· · ·· — ··· — · —— · ·· — · — ·· ··· — · ·· — —— · ··· — — · ·· — ··· — · —— · ·· — · — ·· ··· — · ·· — —— · ··· · ·· — ··· — · —— · ·· — · — ·· ··· — · ·· — —— · ··· — — · ·· — ··· — · —— · ·· — · — ·· ··· — · ·· — —— · ···
Crisis en Holanda
— — · ·· — ··· — · —— · ·· — · — ·· ··· — · ·· — —— · ··· — — · ·· — ··· — · —— · ·· — · — ·· ··· — · ·· — —— · ··· — · ·· — ··· — · —— · ·· — · — ·· ··· — · ·· — —— · ··· — — · ·· — ··· — · —— · ·· — · — ·· ··· — · ·· — —— · ··· — · ·· — ··· — · —— · ·· — · — ·· ··· — · ·· — —— · ··· — — · ·· — ··· — · —— · ·· — · — ·· ··· — · ·· — —— · ··· · ·· — ··· — · —— · ·· — · — ·· ··· — · ·· — —— · ··· — — · ·· — ··· — · —— · ·· — · — ·· ··· — · ·· — —— · ··· · ·· — ··· — · —— · ·· — · — ·· ··· — · ·· — —— · ··· — — · ·· — ··· — · —— · ·· — · — ·· ··· — · ·· — —— · ··· ·· — ··· — · —— · ·· — · — ·· ··· — · ·· — —— · ··· — — · ·· — ··· — · —— · ·· — · — ·· ··· — · ·· — —— · ···
Incendio en Gibraleón
— — · ·· — ··· — · —— · ·· — · — ·· ··· — · ·· — —— · ··· — — · ·· — ··· — · —— · ·· — · — ·· ··· — · ·· — —— · ··· — · ·· — ··· — · —— · ·· — · — ·· ··· — · ·· — —— · ··· — — · ·· — ··· — · —— · ·· — · — ·· ··· — · ·· — —— · ··· — · ·· — ··· — · —— · ·· — · — ·· ··· — · ·· — —— · ··· — — · ·· — ··· — · —— · ·· — · — ·· ··· — · ·· — —— · ··· · ·· — ··· — · —— · ·· — · — ·· ··· — · ·· — —— · ··· — — · ·· — ··· — · —— · ·· — · — ·· ··· — · ·· — —— · ··· · ·· — ··· — · —— · ·· — · — ·· ··· — · ·· — —— · ··· — — · ·· — ··· — · —— · ·· — · — ·· ··· — · ·· — —— · ··· ·· — ··· — · —— · ·· — · — ·· ··· — · ·· — —— · ··· — — · ·· — ··· — · —— · ·· — · — ·· ··· — · ·· — —— · ··· ·· — ··· — · —— · ·· — · — ·· ··· — · ·· — —— · ··· — — · ·· — ··· — · —— · ·· — · — ·· ··· — · ·· — —— · ··· — — · ·· — ··· — · —— · ·· — · — ·· ··· — · ·· — —— · ··· — — · ·· — ··· — · —— · ·· — · — ·· ··· — · ·· — —— · ··· — · ·· — ··· — · —— · ·· — · — ·· ··· — · ·· — —— · ··· — — · ·· — ··· — · —— · ·· — · — ·· ··· — · ·· — —— · ··· — · ·· — ··· — · —— · ·· — · — ·· ··· — · ·· — —— · ··· — — · ·· — ··· — · —— · ·· — · — ·· ··· — · ·· — —— · ··· · ·· — ··· — · —— · ·· — · — ·· ··· — · ·· — —— · ··· — — · ·· — ··· — · —— · ·· — · — ·· ··· — · ·· — —— · ··· · ·· — ··· — · —— · ·· — · — ·· ··· — · ·· — —— · ··· — — · ·· — ··· — · —— · ·· — · — ·· ··· — · ·· — —— · ··· ·· — ··· — · —— · ·· — · — ·· ··· — · ·· — —— · ··· — — · ·· — ··· — · —— · ·· — · — ·· ··· — · ·· — —— · ··· ·· — ··· — · —— · ·· — · — ·· ··· — · ·· — —— · ··· — — · ·· — ··· — · —— · ·· — · — ·· ··· — · ·· — —— · ···
DE TEATRO
— — · ·· — ··· — · —— · ·· — · — ·· ··· — · ·· — —— · ··· — — · ·· — ··· — · —— · ·· — · — ·· ··· — · ·· — —— · ··· — · ·· — ··· — · —— · ·· — · — ·· ··· — · ·· — —— · ··· — — · ·· — ··· — · —— · ·· — · — ·· ··· — · ·· — —— · ··· — · ·· — ··· — · —— · ·· — · — ·· ··· — · ·· — —— · ··· — — · ·· — ··· — · —— · ·· — · — ·· ··· — · ·· — —— · ··· · ·· — ··· — · —— · ·· — · — ·· ··· — · ·· — —— · ··· — — · ·· — ··· — · —— · ·· — · — ·· ··· — · ·· — —— · ··· · ·· — ··· — · —— · ·· — · — ·· ··· — · ·· — —— · ··· — — · ·· — ··· — · —— · ·· — · — ·· ··· — · ·· — —— · ··· ·· — ··· — · —— · ·· — · — ·· ··· — · ·· — —— · ··· — — · ·· — ··· — · —— · ·· — · — ·· ··· — · ·· — —— · ··· ·· — ··· — · —— · ·· — · — ·· ··· — · ·· — —— · ··· — — · ·· — ··· — · —— · ·· — · — ·· ··· — · ·· — —— · ··· — — · ·· — ··· — · —— · ·· — · — ·· ··· — · ·· — —— · ··· — — · ·· — ··· — · —— · ·· — · — ·· ··· — · ·· — —— · ··· — · ·· — ··· — · —— · ·· — · — ·· ··· — · ·· — —— · ··· — — · ·· — ··· — · —— · ·· — · — ·· ··· — · ·· — —— · ··· — · ·· — ··· — · —— · ·· — · — ·· ··· — · ·· — —— · ··· — — · ·· — ··· — · —— · ·· — · — ·· ··· — · ·· — —— · ··· · ·· — ··· — · —— · ·· — · — ·· ··· — · ·· — —— · ··· — — · ·· — ··· — · —— · ·· — · — ·· ··· — · ·· — —— · ··· · ·· — ··· — · —— · ·· — · — ·· ··· — · ·· — —— · ··· — — · ·· — ··· — · —— · ·· — · — ·· ··· — · ·· — —— · ···
